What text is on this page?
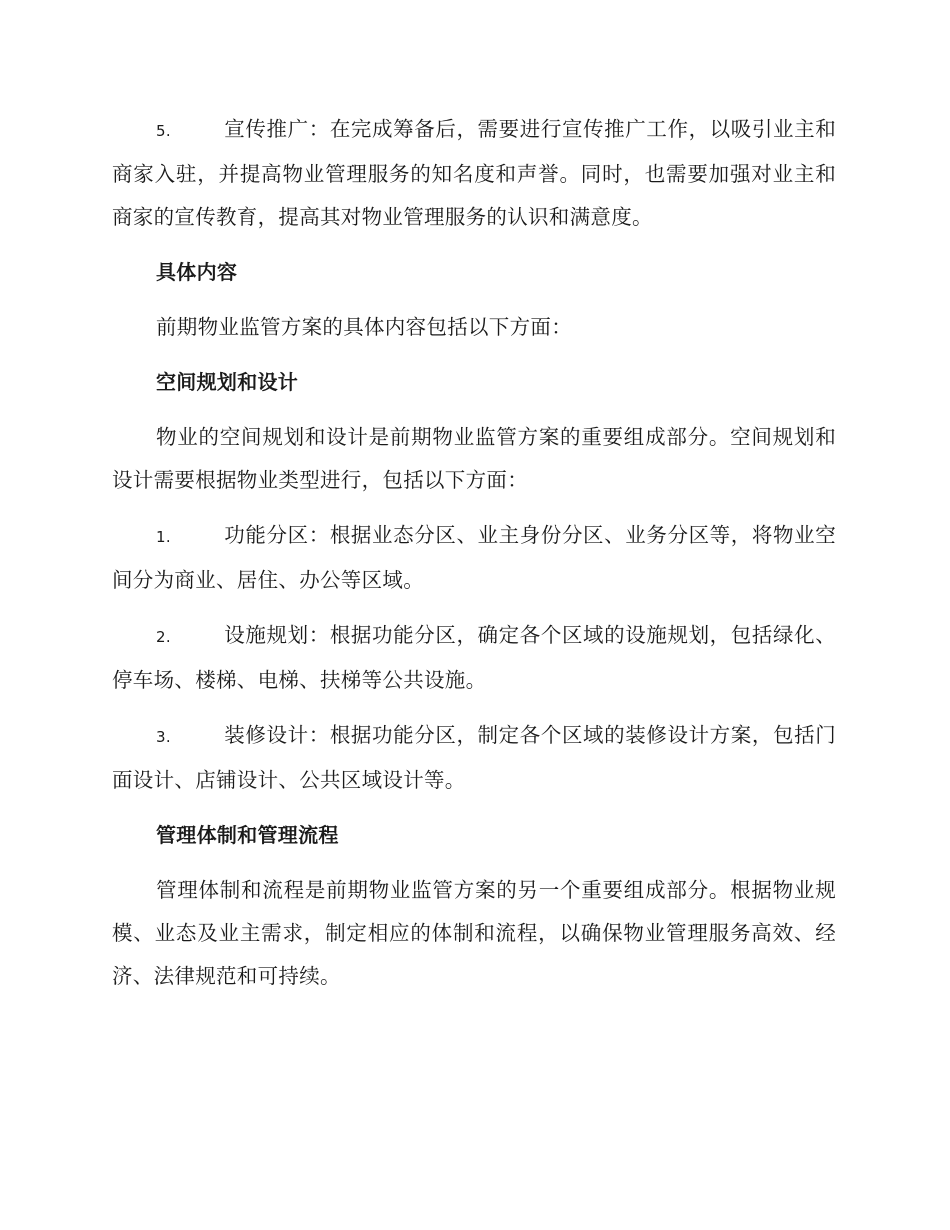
5.	宣传推广：在完成筹备后，需要进行宣传推广工作，以吸引业主和商家入驻，并提高物业管理服务的知名度和声誉。同时，也需要加强对业主和商家的宣传教育，提高其对物业管理服务的认识和满意度。

具体内容

前期物业监管方案的具体内容包括以下方面：

空间规划和设计

物业的空间规划和设计是前期物业监管方案的重要组成部分。空间规划和设计需要根据物业类型进行，包括以下方面：

1.	功能分区：根据业态分区、业主身份分区、业务分区等，将物业空间分为商业、居住、办公等区域。

2.	设施规划：根据功能分区，确定各个区域的设施规划，包括绿化、停车场、楼梯、电梯、扶梯等公共设施。

3.	装修设计：根据功能分区，制定各个区域的装修设计方案，包括门面设计、店铺设计、公共区域设计等。

管理体制和管理流程

管理体制和流程是前期物业监管方案的另一个重要组成部分。根据物业规模、业态及业主需求，制定相应的体制和流程，以确保物业管理服务高效、经济、法律规范和可持续。
